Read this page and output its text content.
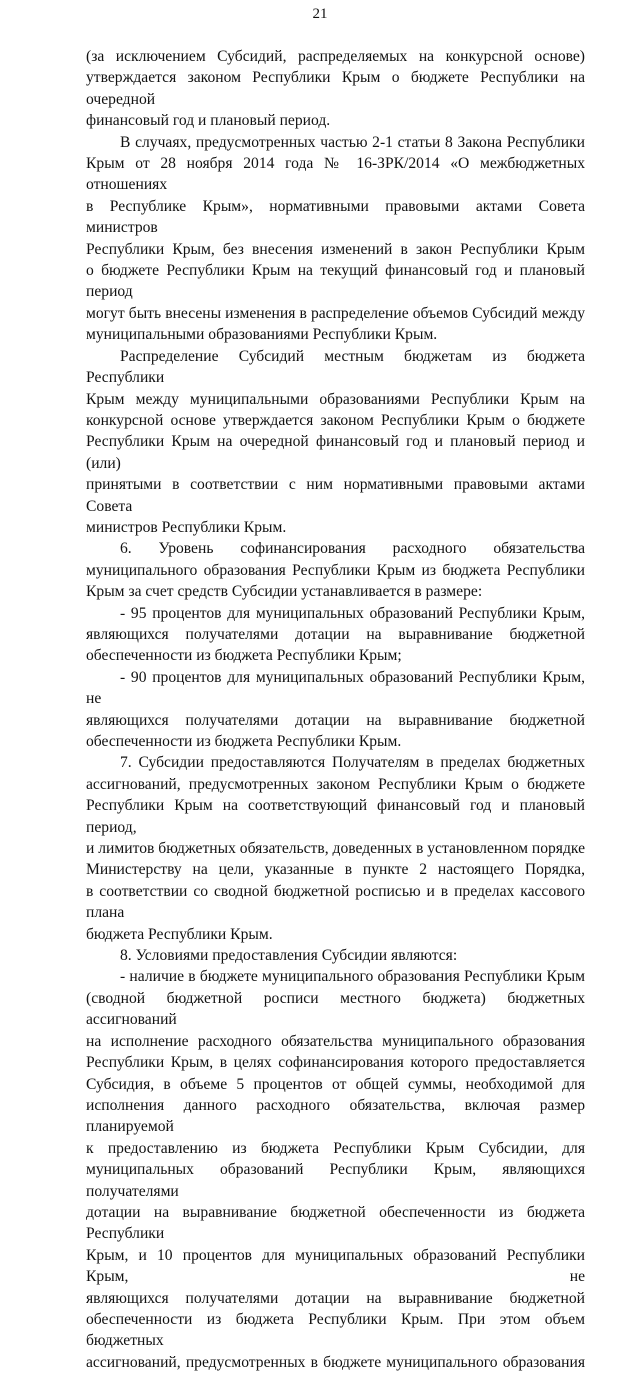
21

(за исключением Субсидий, распределяемых на конкурсной основе)

утверждается законом Республики Крым о бюджете Республики на очередной

финансовый год и плановый период.

В случаях, предусмотренных частью 2-1 статьи 8 Закона Республики

Крым от 28 ноября 2014 года № 16-ЗРК/2014 «О межбюджетных отношениях

в Республике Крым», нормативными правовыми актами Совета министров

Республики Крым, без внесения изменений в закон Республики Крым

о бюджете Республики Крым на текущий финансовый год и плановый период

могут быть внесены изменения в распределение объемов Субсидий между

муниципальными образованиями Республики Крым.

Распределение Субсидий местным бюджетам из бюджета Республики

Крым между муниципальными образованиями Республики Крым на

конкурсной основе утверждается законом Республики Крым о бюджете

Республики Крым на очередной финансовый год и плановый период и (или)

принятыми в соответствии с ним нормативными правовыми актами Совета

министров Республики Крым.

6. Уровень софинансирования расходного обязательства

муниципального образования Республики Крым из бюджета Республики

Крым за счет средств Субсидии устанавливается в размере:

- 95 процентов для муниципальных образований Республики Крым,

являющихся получателями дотации на выравнивание бюджетной

обеспеченности из бюджета Республики Крым;

- 90 процентов для муниципальных образований Республики Крым, не

являющихся получателями дотации на выравнивание бюджетной

обеспеченности из бюджета Республики Крым.

7. Субсидии предоставляются Получателям в пределах бюджетных

ассигнований, предусмотренных законом Республики Крым о бюджете

Республики Крым на соответствующий финансовый год и плановый период,

и лимитов бюджетных обязательств, доведенных в установленном порядке

Министерству на цели, указанные в пункте 2 настоящего Порядка,

в соответствии со сводной бюджетной росписью и в пределах кассового плана

бюджета Республики Крым.

8. Условиями предоставления Субсидии являются:

- наличие в бюджете муниципального образования Республики Крым

(сводной бюджетной росписи местного бюджета) бюджетных ассигнований

на исполнение расходного обязательства муниципального образования

Республики Крым, в целях софинансирования которого предоставляется

Субсидия, в объеме 5 процентов от общей суммы, необходимой для

исполнения данного расходного обязательства, включая размер планируемой

к предоставлению из бюджета Республики Крым Субсидии, для

муниципальных образований Республики Крым, являющихся получателями

дотации на выравнивание бюджетной обеспеченности из бюджета Республики

Крым, и 10 процентов для муниципальных образований Республики Крым, не

являющихся получателями дотации на выравнивание бюджетной

обеспеченности из бюджета Республики Крым. При этом объем бюджетных

ассигнований, предусмотренных в бюджете муниципального образования
